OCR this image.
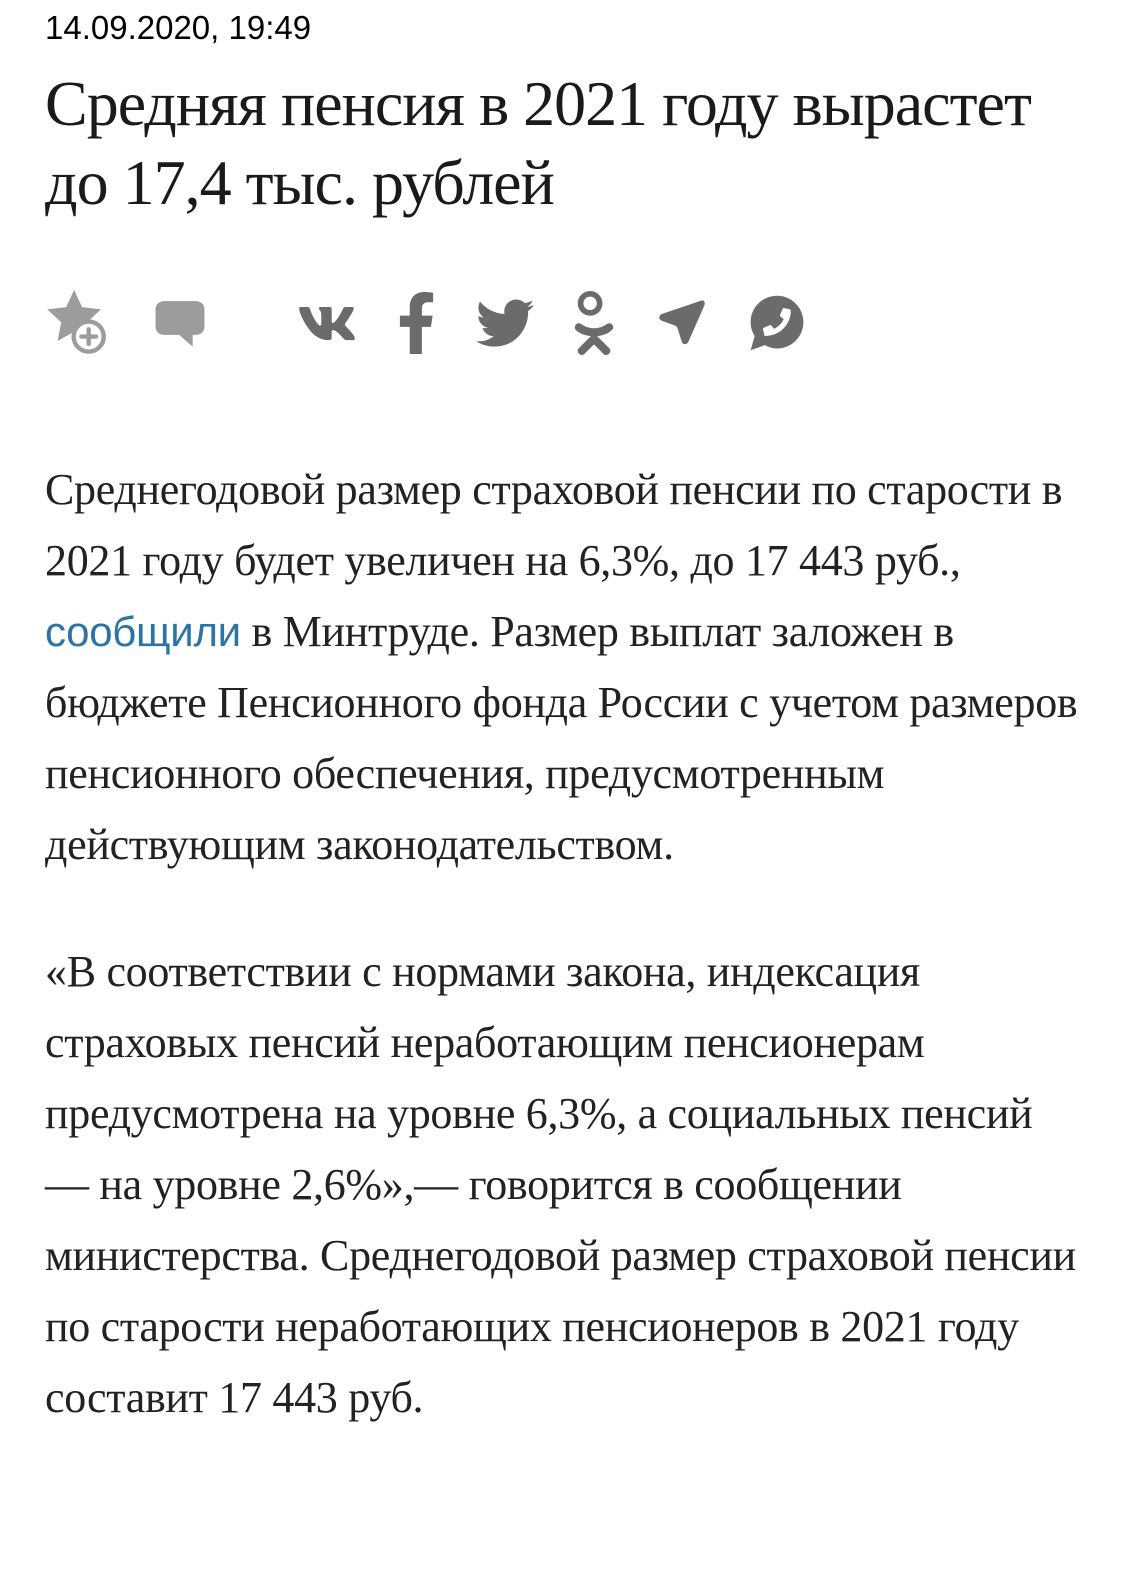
14.09.2020, 19:49
Средняя пенсия в 2021 году вырастет до 17,4 тыс. рублей

Среднегодовой размер страховой пенсии по старости в 2021 году будет увеличен на 6,3%, до 17 443 руб., сообщили в Минтруде. Размер выплат заложен в бюджете Пенсионного фонда России с учетом размеров пенсионного обеспечения, предусмотренным действующим законодательством.

«В соответствии с нормами закона, индексация страховых пенсий неработающим пенсионерам предусмотрена на уровне 6,3%, а социальных пенсий — на уровне 2,6%»,— говорится в сообщении министерства. Среднегодовой размер страховой пенсии по старости неработающих пенсионеров в 2021 году составит 17 443 руб.
